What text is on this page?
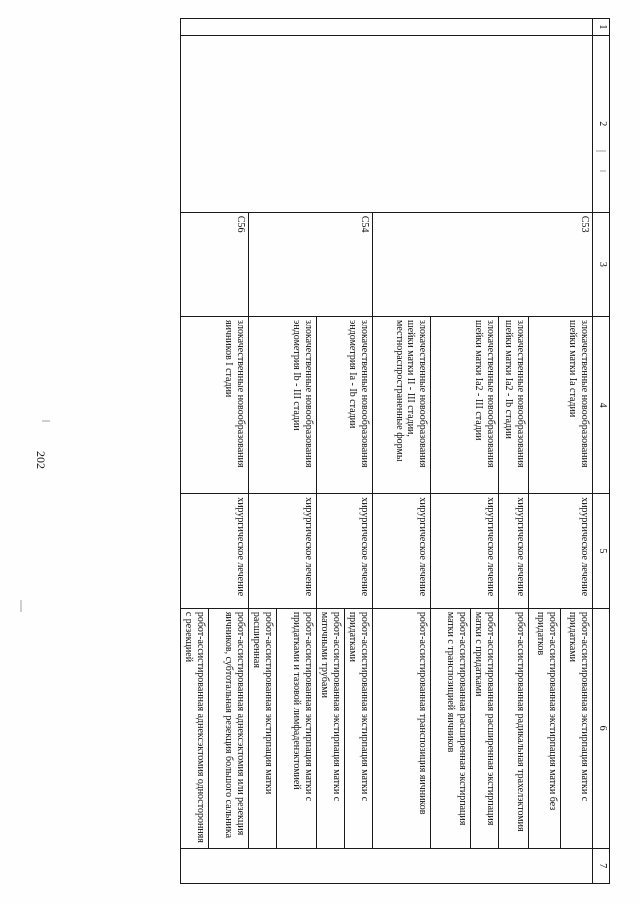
202
1	2	3	4	5	6	7
		C53	злокачественные новообразования шейки матки Ia стадии	хирургическое лечение	робот-ассистированная экстирпация матки с придатками	
					робот-ассистированная экстирпация матки без придатков	
			злокачественные новообразования шейки матки Ia2 - Ib стадии	хирургическое лечение	робот-ассистированная радикальная трахелэктомия	
			злокачественные новообразования шейки матки Ia2 - III стадии	хирургическое лечение	робот-ассистированная расширенная экстирпация матки с придатками	
					робот-ассистированная расширенная экстирпация матки с транспозицией яичников	
			злокачественные новообразования шейки матки II - III стадии, местнораспространенные формы	хирургическое лечение	робот-ассистированная транспозиция яичников	
		C54	злокачественные новообразования эндометрия Ia - Ib стадии	хирургическое лечение	робот-ассистированная экстирпация матки с придатками	
					робот-ассистированная экстирпация матки с маточными трубами	
			злокачественные новообразования эндометрия Ib - III стадии	хирургическое лечение	робот-ассистированная экстирпация матки с придатками и тазовой лимфаденэктомией	
					робот-ассистированная экстирпация матки расширенная	
		C56	злокачественные новообразования яичников I стадии	хирургическое лечение	робот-ассистированная аднексэктомия или резекция яичников, субтотальная резекция большого сальника	
					робот-ассистированная аднексэктомия односторонняя с резекцией	
